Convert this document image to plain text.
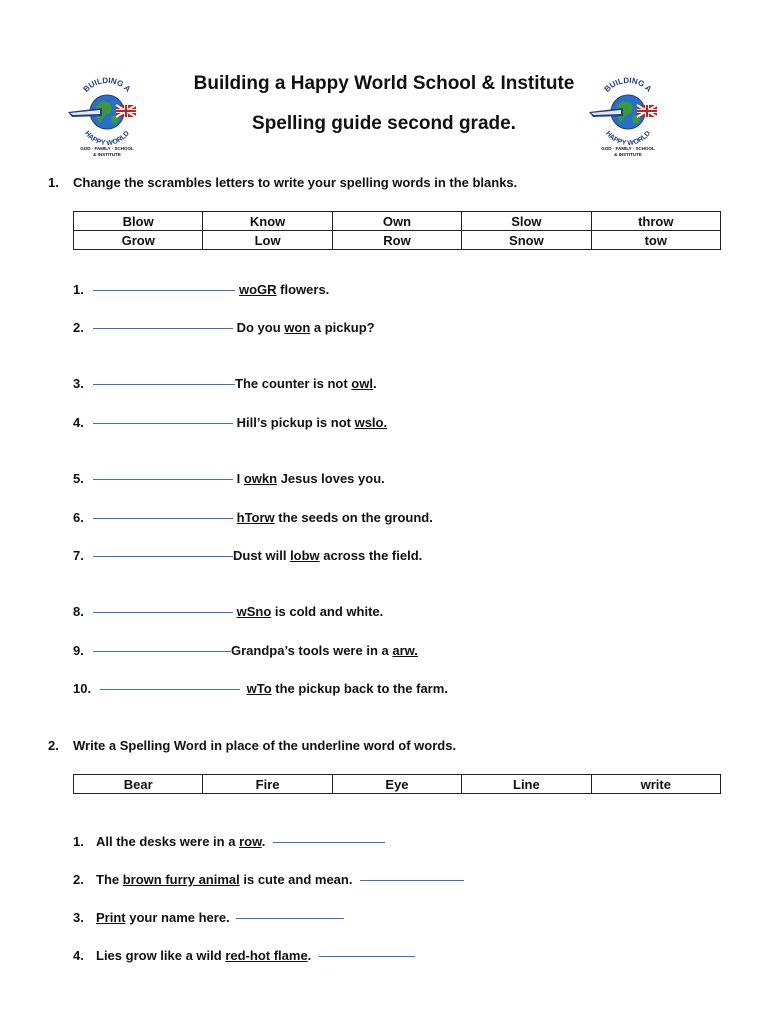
BUILDING A
HAPPY WORLD
GOD · FAMILY · SCHOOL
& INSTITUTE
BUILDING A
HAPPY WORLD
GOD · FAMILY · SCHOOL
& INSTITUTE
Building a Happy World School & Institute
Spelling guide second grade.
1. Change the scrambles letters to write your spelling words in the blanks.
Blow	Know	Own	Slow	throw
Grow	Low	Row	Snow	tow
1.	woGR flowers.
2.	Do you won a pickup?
3.	The counter is not owl.
4.	Hill’s pickup is not wslo.
5.	I owkn Jesus loves you.
6.	hTorw the seeds on the ground.
7.	Dust will lobw across the field.
8.	wSno is cold and white.
9.	Grandpa’s tools were in a arw.
10.	wTo the pickup back to the farm.
2. Write a Spelling Word in place of the underline word of words.
Bear	Fire	Eye	Line	write
1. All the desks were in a row.
2. The brown furry animal is cute and mean.
3. Print your name here.
4. Lies grow like a wild red-hot flame.
